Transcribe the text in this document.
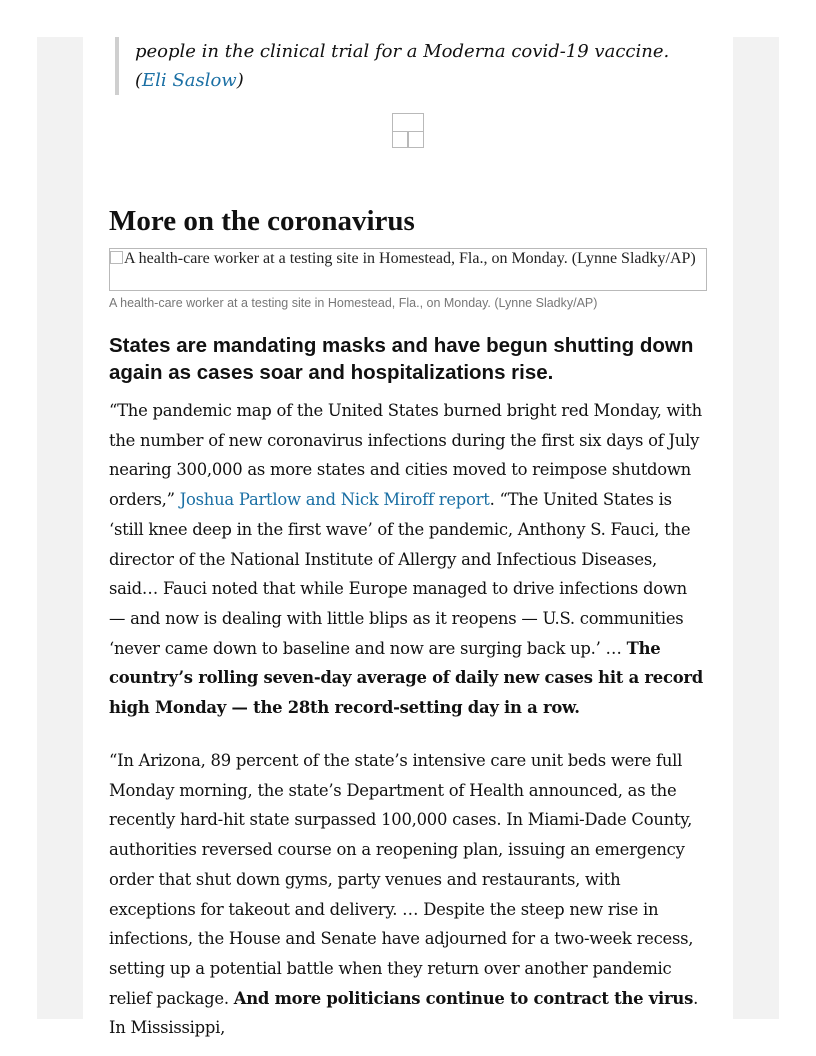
people in the clinical trial for a Moderna covid-19 vaccine. (Eli Saslow)
More on the coronavirus
A health-care worker at a testing site in Homestead, Fla., on Monday. (Lynne Sladky/AP)
A health-care worker at a testing site in Homestead, Fla., on Monday. (Lynne Sladky/AP)
States are mandating masks and have begun shutting down again as cases soar and hospitalizations rise.

“The pandemic map of the United States burned bright red Monday, with the number of new coronavirus infections during the first six days of July nearing 300,000 as more states and cities moved to reimpose shutdown orders,” Joshua Partlow and Nick Miroff report. “The United States is ‘still knee deep in the first wave’ of the pandemic, Anthony S. Fauci, the director of the National Institute of Allergy and Infectious Diseases, said… Fauci noted that while Europe managed to drive infections down — and now is dealing with little blips as it reopens — U.S. communities ‘never came down to baseline and now are surging back up.’ … The country’s rolling seven-day average of daily new cases hit a record high Monday — the 28th record-setting day in a row.

“In Arizona, 89 percent of the state’s intensive care unit beds were full Monday morning, the state’s Department of Health announced, as the recently hard-hit state surpassed 100,000 cases. In Miami-Dade County, authorities reversed course on a reopening plan, issuing an emergency order that shut down gyms, party venues and restaurants, with exceptions for takeout and delivery. … Despite the steep new rise in infections, the House and Senate have adjourned for a two-week recess, setting up a potential battle when they return over another pandemic relief package. And more politicians continue to contract the virus. In Mississippi,
